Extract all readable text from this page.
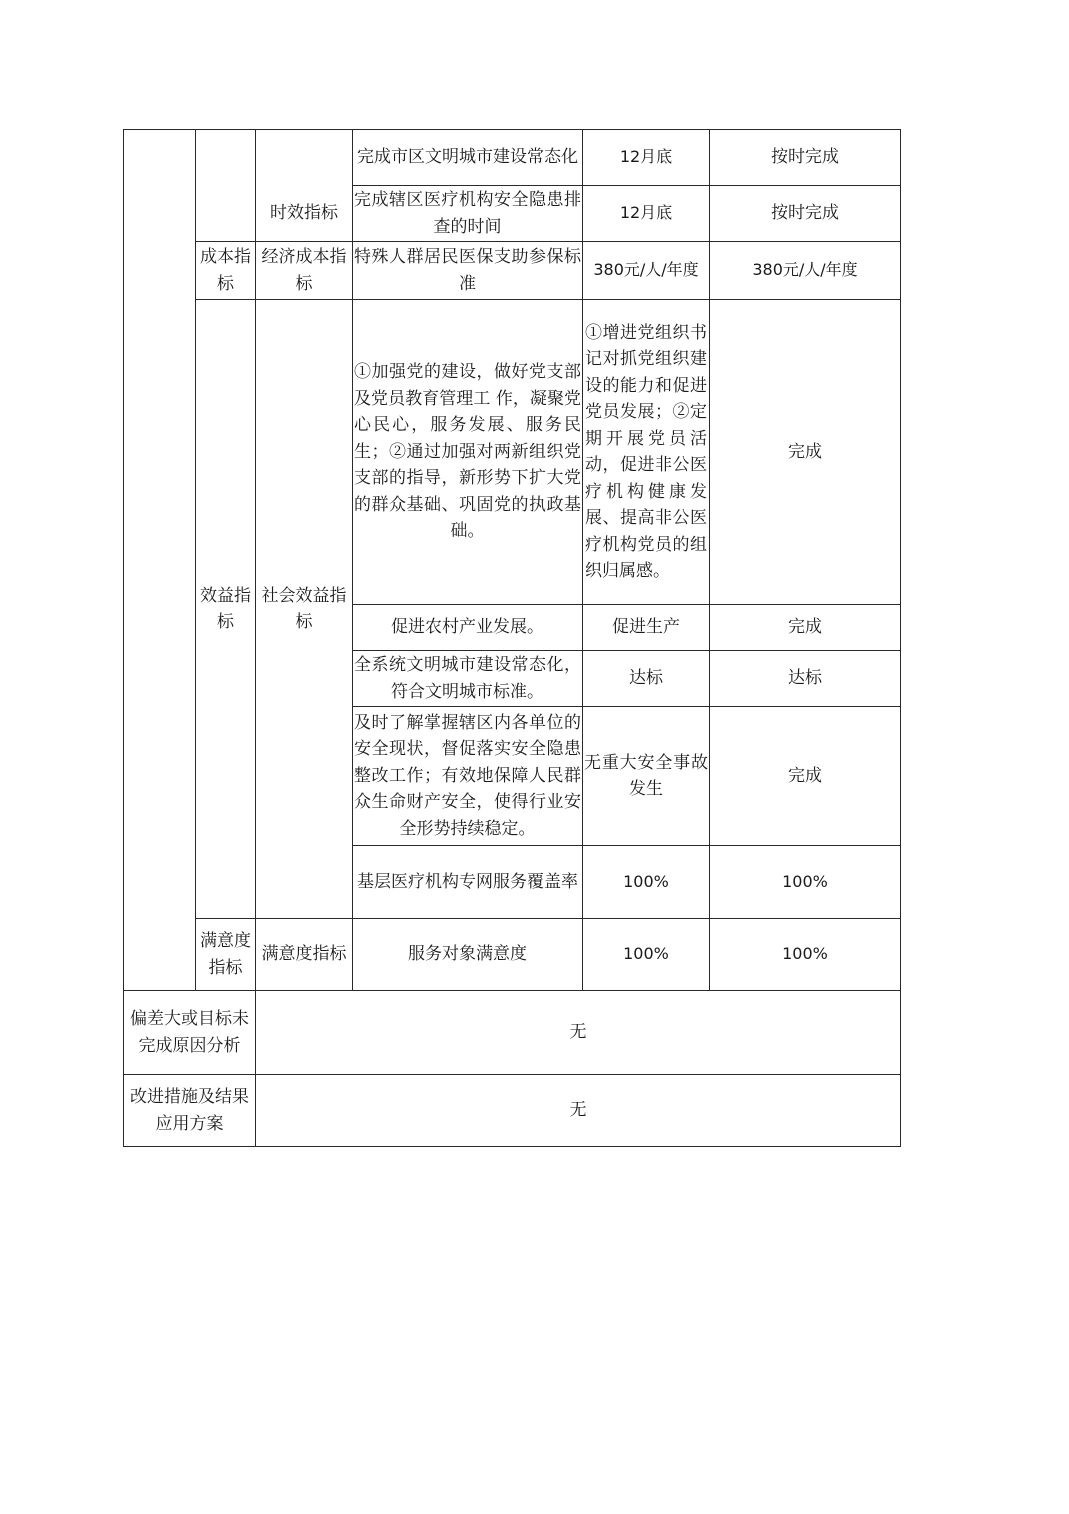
			完成市区文明城市建设常态化	12月底	按时完成
		时效指标	完成辖区医疗机构安全隐患排查的时间	12月底	按时完成
	成本指标	经济成本指标	特殊人群居民医保支助参保标准	380元/人/年度	380元/人/年度
	效益指标	社会效益指标	①加强党的建设，做好党支部及党员教育管理工 作，凝聚党心民心，服务发展、服务民生；②通过加强对两新组织党支部的指导，新形势下扩大党的群众基础、巩固党的执政基础。	①增进党组织书记对抓党组织建设的能力和促进党员发展；②定期开展党员活动，促进非公医疗机构健康发展、提高非公医疗机构党员的组织归属感。	完成
			促进农村产业发展。	促进生产	完成
			全系统文明城市建设常态化，符合文明城市标准。	达标	达标
			及时了解掌握辖区内各单位的安全现状，督促落实安全隐患整改工作；有效地保障人民群众生命财产安全，使得行业安全形势持续稳定。	无重大安全事故发生	完成
			基层医疗机构专网服务覆盖率	100%	100%
	满意度指标	满意度指标	服务对象满意度	100%	100%
偏差大或目标未完成原因分析		无			
改进措施及结果应用方案		无			
